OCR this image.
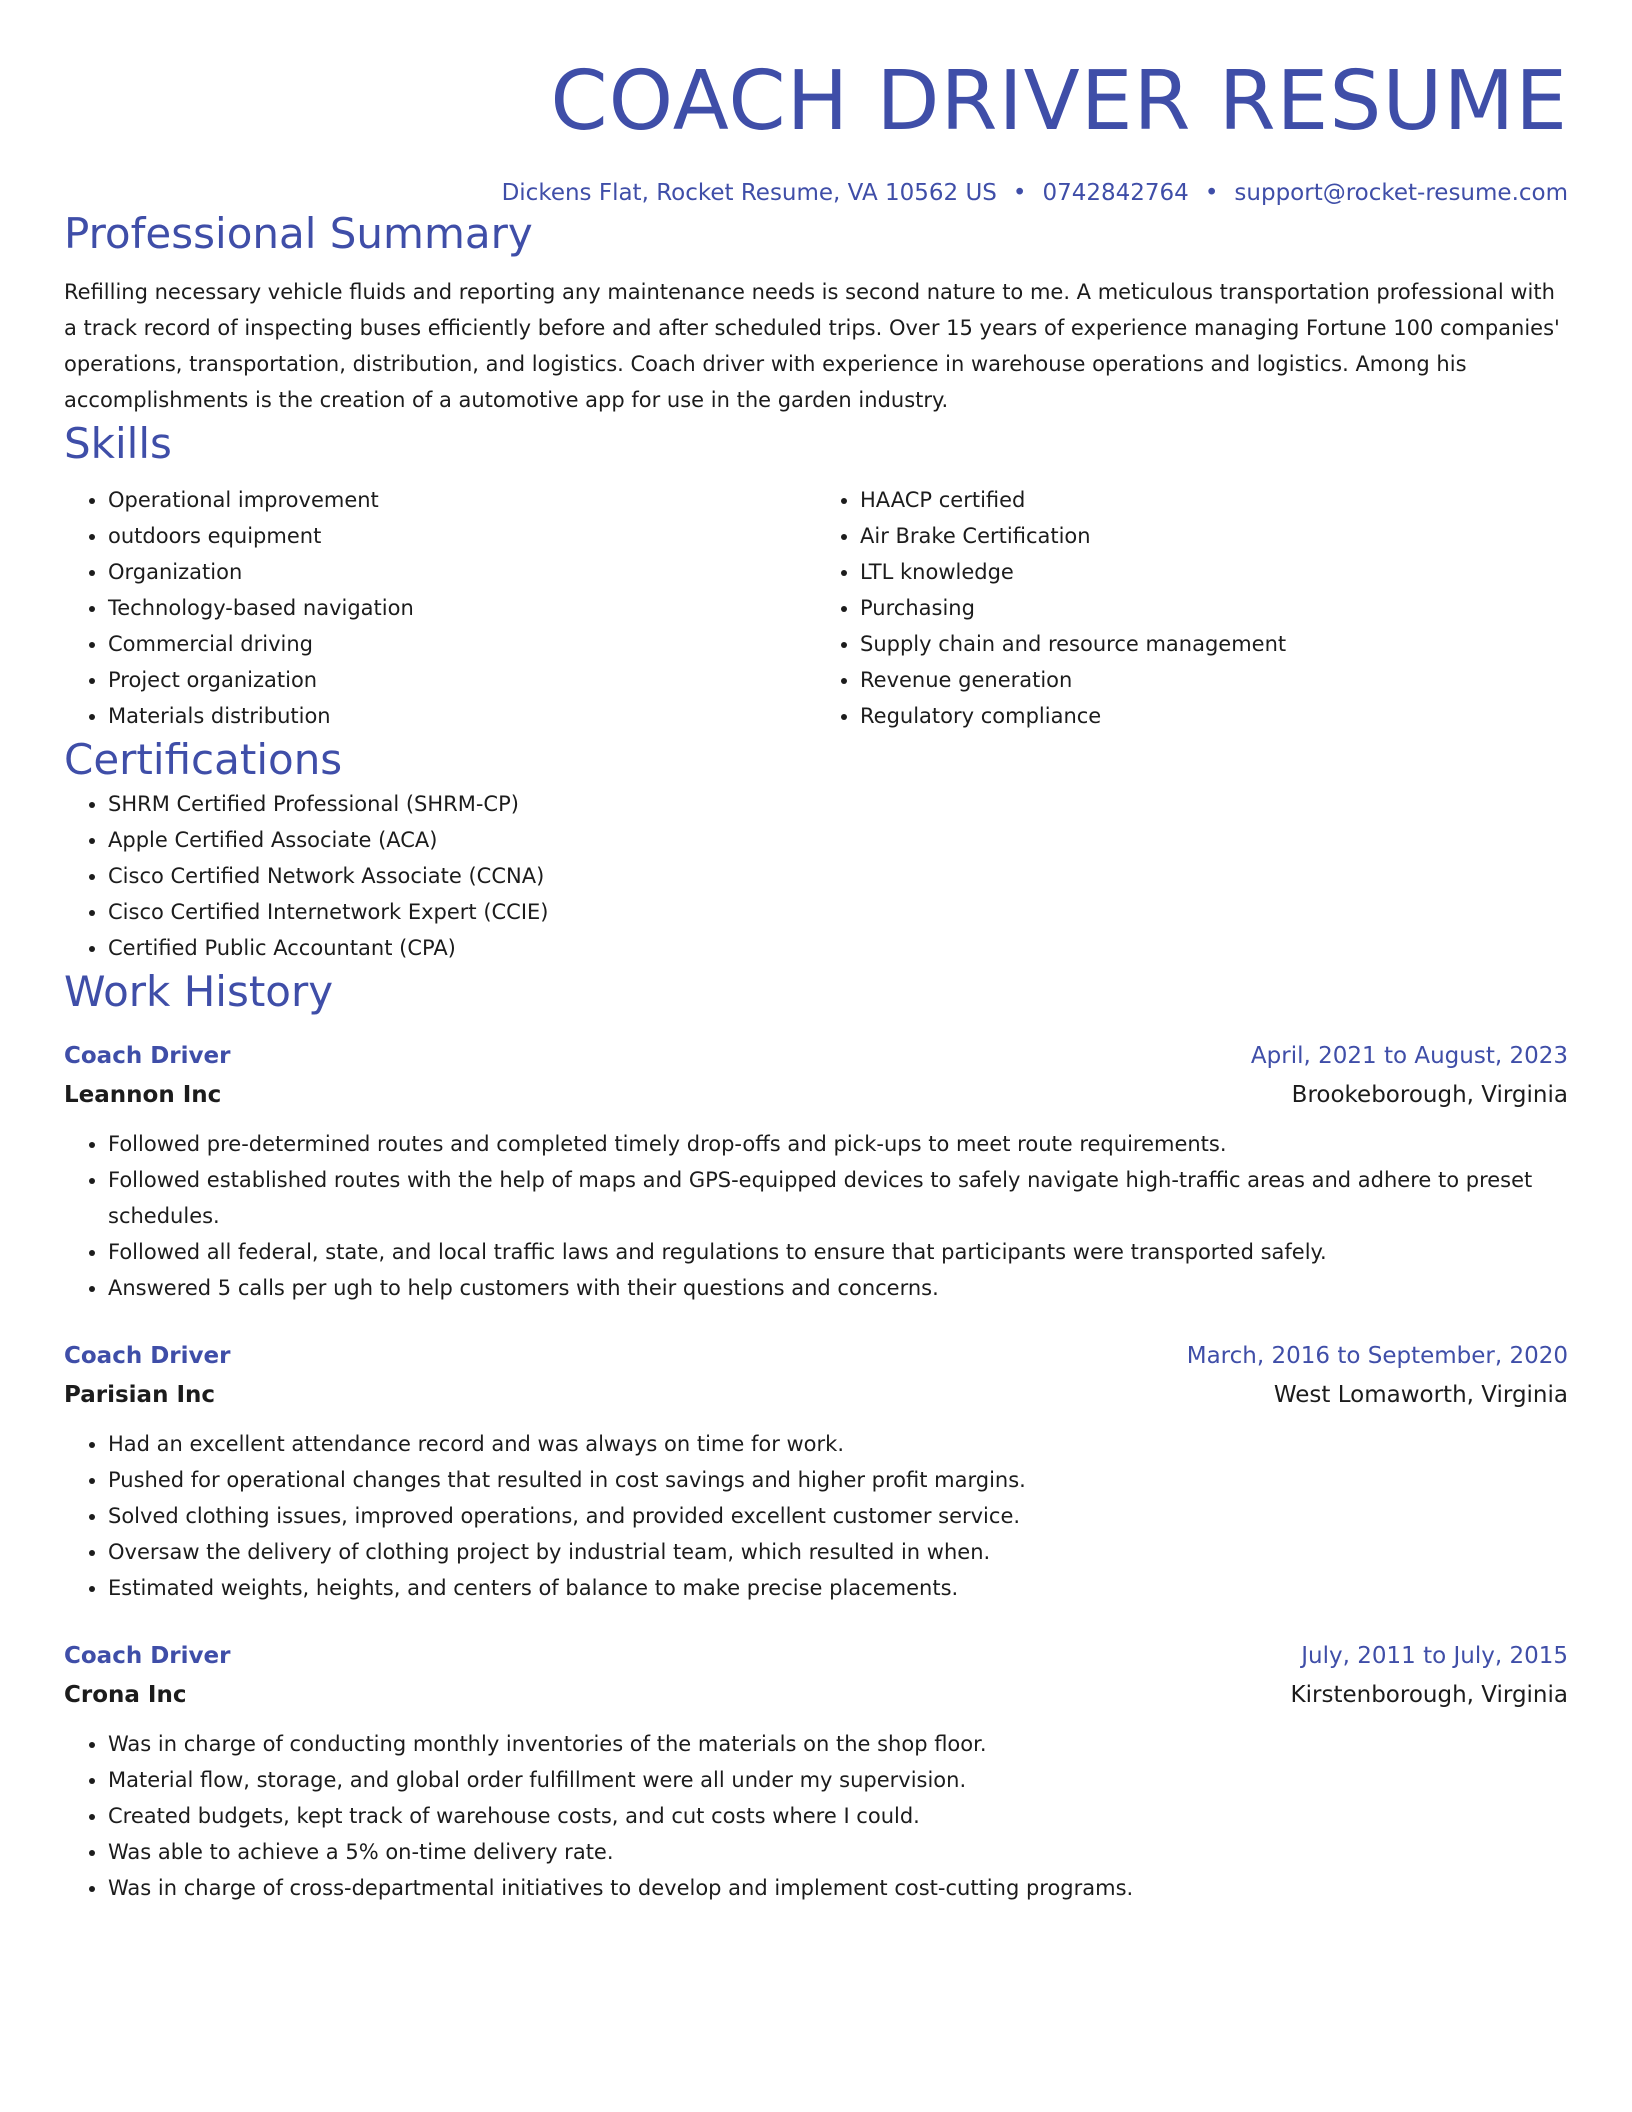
COACH DRIVER RESUME
Dickens Flat, Rocket Resume, VA 10562 US • 0742842764 • support@rocket-resume.com
Professional Summary

Refilling necessary vehicle fluids and reporting any maintenance needs is second nature to me. A meticulous transportation professional with a track record of inspecting buses efficiently before and after scheduled trips. Over 15 years of experience managing Fortune 100 companies' operations, transportation, distribution, and logistics. Coach driver with experience in warehouse operations and logistics. Among his accomplishments is the creation of a automotive app for use in the garden industry.

Skills
• Operational improvement
• outdoors equipment
• Organization
• Technology-based navigation
• Commercial driving
• Project organization
• Materials distribution
• HAACP certified
• Air Brake Certification
• LTL knowledge
• Purchasing
• Supply chain and resource management
• Revenue generation
• Regulatory compliance
Certifications
• SHRM Certified Professional (SHRM-CP)
• Apple Certified Associate (ACA)
• Cisco Certified Network Associate (CCNA)
• Cisco Certified Internetwork Expert (CCIE)
• Certified Public Accountant (CPA)
Work History
Coach Driver	April, 2021 to August, 2023
Leannon Inc	Brookeborough, Virginia
• Followed pre-determined routes and completed timely drop-offs and pick-ups to meet route requirements.
• Followed established routes with the help of maps and GPS-equipped devices to safely navigate high-traffic areas and adhere to preset schedules.
• Followed all federal, state, and local traffic laws and regulations to ensure that participants were transported safely.
• Answered 5 calls per ugh to help customers with their questions and concerns.
Coach Driver	March, 2016 to September, 2020
Parisian Inc	West Lomaworth, Virginia
• Had an excellent attendance record and was always on time for work.
• Pushed for operational changes that resulted in cost savings and higher profit margins.
• Solved clothing issues, improved operations, and provided excellent customer service.
• Oversaw the delivery of clothing project by industrial team, which resulted in when.
• Estimated weights, heights, and centers of balance to make precise placements.
Coach Driver	July, 2011 to July, 2015
Crona Inc	Kirstenborough, Virginia
• Was in charge of conducting monthly inventories of the materials on the shop floor.
• Material flow, storage, and global order fulfillment were all under my supervision.
• Created budgets, kept track of warehouse costs, and cut costs where I could.
• Was able to achieve a 5% on-time delivery rate.
• Was in charge of cross-departmental initiatives to develop and implement cost-cutting programs.
